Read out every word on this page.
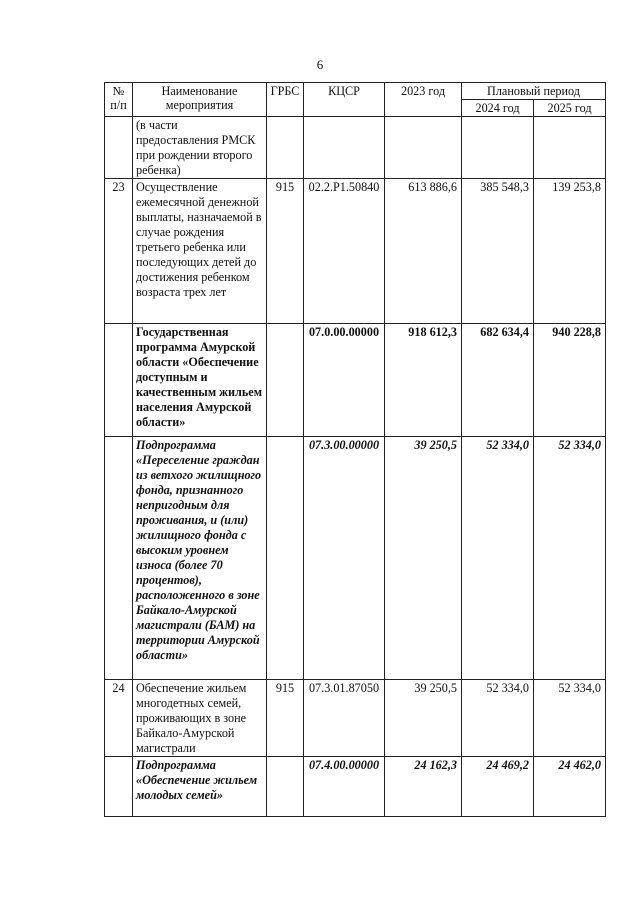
6
№ п/п	Наименование мероприятия	ГРБС	КЦСР	2023 год	Плановый период	
					2024 год	2025 год
	(в части предоставления РМСК при рождении второго ребенка)					
23	Осуществление ежемесячной денежной выплаты, назначаемой в случае рождения третьего ребенка или последующих детей до достижения ребенком возраста трех лет	915	02.2.Р1.50840	613 886,6	385 548,3	139 253,8
	Государственная программа Амурской области «Обеспечение доступным и качественным жильем населения Амурской области»		07.0.00.00000	918 612,3	682 634,4	940 228,8
	Подпрограмма «Переселение граждан из ветхого жилищного фонда, признанного непригодным для проживания, и (или) жилищного фонда с высоким уровнем износа (более 70 процентов), расположенного в зоне Байкало-Амурской магистрали (БАМ) на территории Амурской области»		07.3.00.00000	39 250,5	52 334,0	52 334,0
24	Обеспечение жильем многодетных семей, проживающих в зоне Байкало-Амурской магистрали	915	07.3.01.87050	39 250,5	52 334,0	52 334,0
	Подпрограмма «Обеспечение жильем молодых семей»		07.4.00.00000	24 162,3	24 469,2	24 462,0
